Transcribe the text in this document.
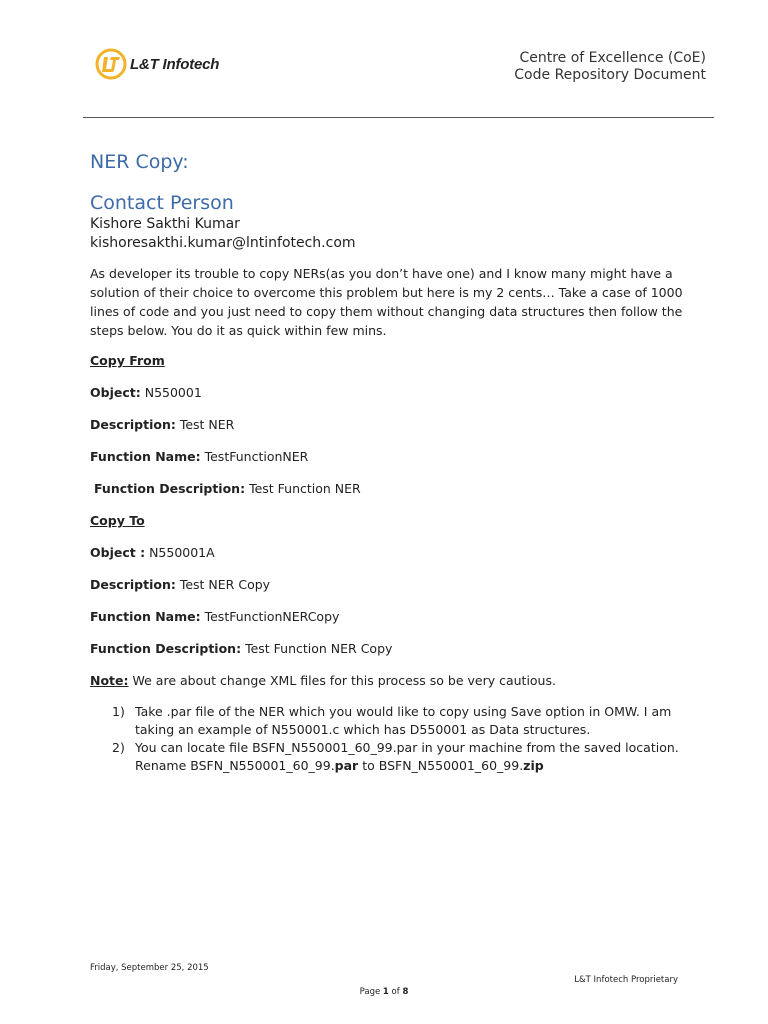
L&T Infotech	Centre of Excellence (CoE)
Code Repository Document
NER Copy:
Contact Person
Kishore Sakthi Kumar
kishoresakthi.kumar@lntinfotech.com
As developer its trouble to copy NERs(as you don’t have one) and I know many might have a solution of their choice to overcome this problem but here is my 2 cents… Take a case of 1000 lines of code and you just need to copy them without changing data structures then follow the steps below. You do it as quick within few mins.
Copy From
Object: N550001
Description: Test NER
Function Name: TestFunctionNER
Function Description: Test Function NER
Copy To
Object : N550001A
Description: Test NER Copy
Function Name: TestFunctionNERCopy
Function Description: Test Function NER Copy
Note: We are about change XML files for this process so be very cautious.
1) Take .par file of the NER which you would like to copy using Save option in OMW. I am taking an example of N550001.c which has D550001 as Data structures.
2) You can locate file BSFN_N550001_60_99.par in your machine from the saved location. Rename BSFN_N550001_60_99.par to BSFN_N550001_60_99.zip
Friday, September 25, 2015
L&T Infotech Proprietary
Page 1 of 8
